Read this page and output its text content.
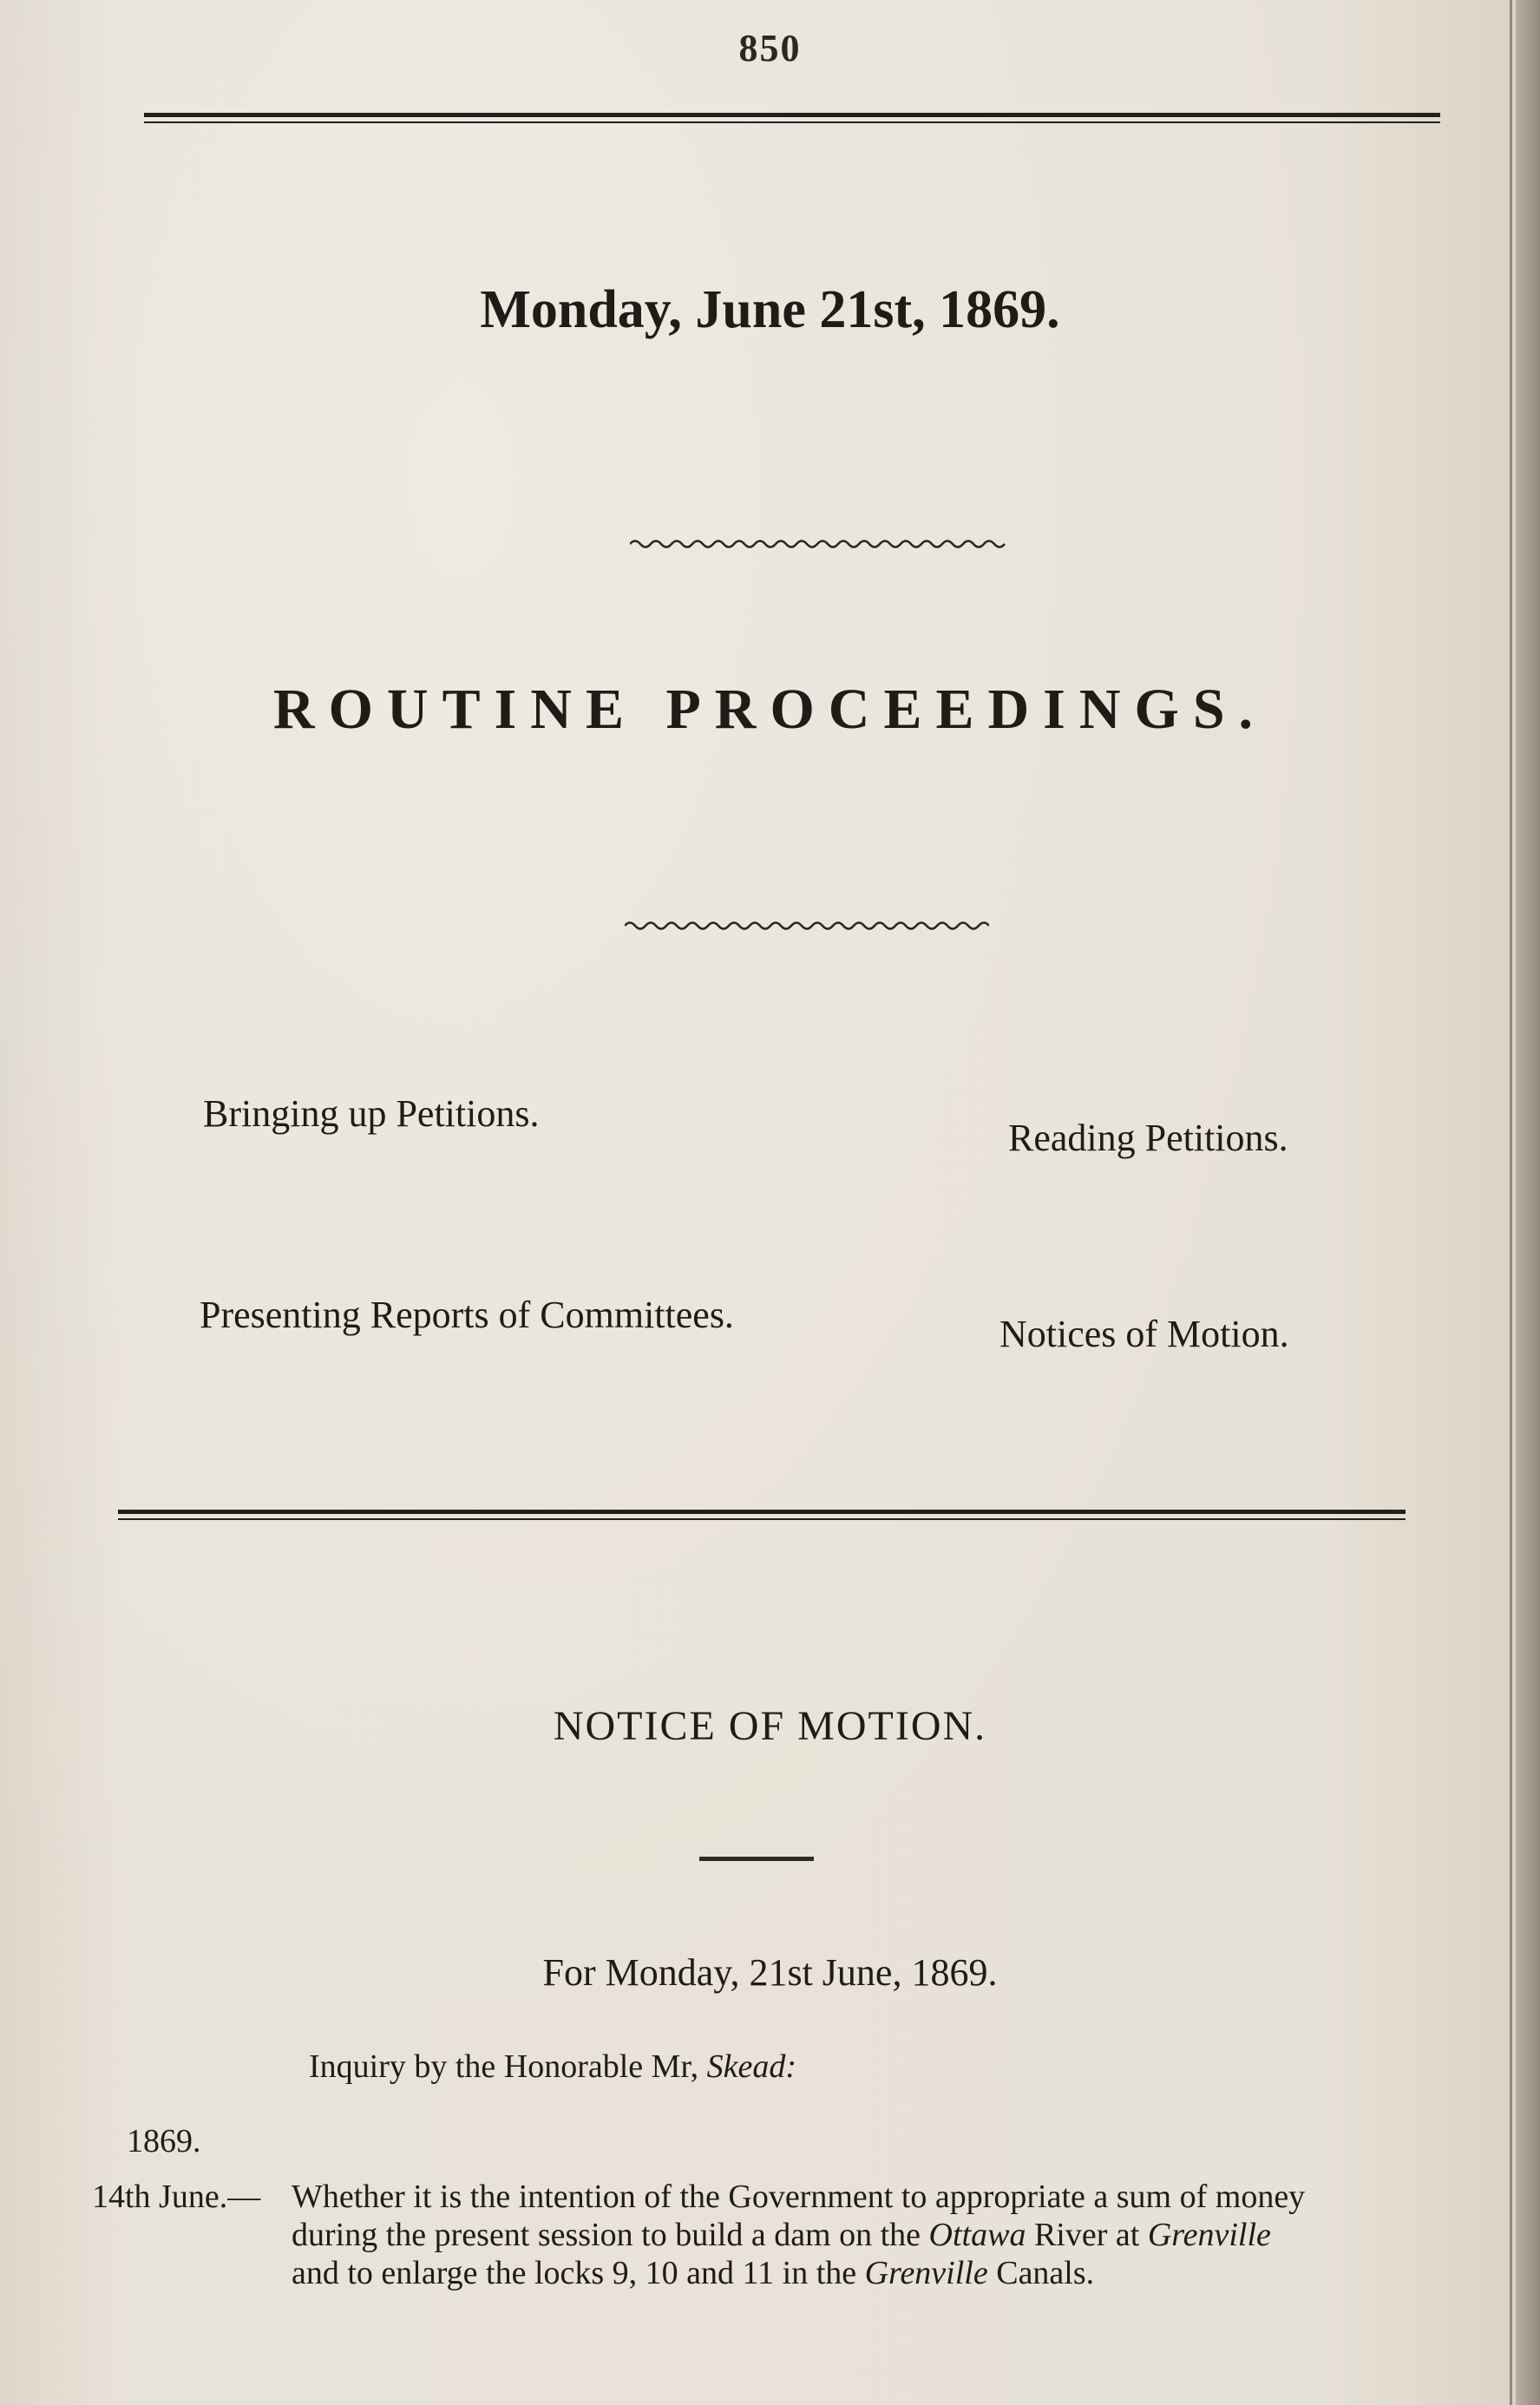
850
Monday, June 21st, 1869.
ROUTINE PROCEEDINGS.
Bringing up Petitions.
Reading Petitions.
Presenting Reports of Committees.	Notices of Motion.
NOTICE OF MOTION.
For Monday, 21st June, 1869.
Inquiry by the Honorable Mr, Skead:
1869.
14th June.— Whether it is the intention of the Government to appropriate a sum of money
during the present session to build a dam on the Ottawa River at Grenville
and to enlarge the locks 9, 10 and 11 in the Grenville Canals.
